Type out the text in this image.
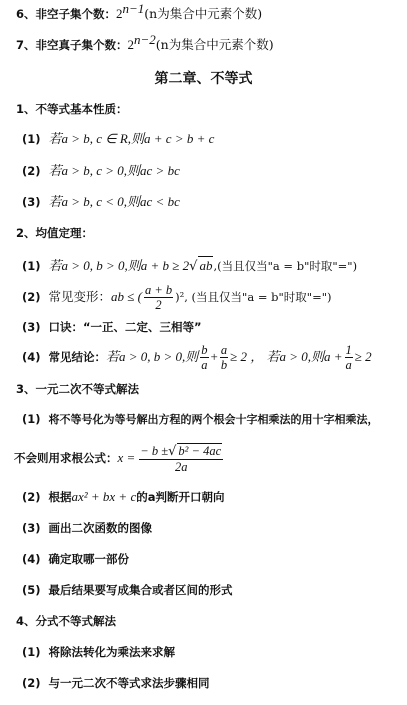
6、非空子集个数：$2^{n-1}(n$为集合中元素个数)
7、非空真子集个数：$2^{n-2}(n$为集合中元素个数)
第二章、不等式
1、不等式基本性质：
(1) 若a > b, c ∈ R,则a + c > b + c
(2) 若a > b, c > 0,则ac > bc
(3) 若a > b, c < 0,则ac < bc
2、均值定理：
(1) 若a > 0, b > 0,则a + b ≥ 2√ ab,(当且仅当"a = b"时取"=")
(2) 常见变形：ab ≤ ( $\frac{a + b}{2} )^2$, (当且仅当"a = b"时取"=")
(3) 口诀：“一正、二定、三相等”
(4) 常见结论：若a > 0, b > 0,则 $\frac{b}{a} + \frac{a}{b} \ge 2$ ， 若a > 0,则$a + \frac{1}{a} \ge 2$
3、一元二次不等式解法
(1) 将不等号化为等号解出方程的两个根会十字相乘法的用十字相乘法，
不会则用求根公式：$x = \frac{\text{− b ±√ b² − 4ac}}{2a}$
(2) 根据ax² + bx + c的a判断开口朝向
(3) 画出二次函数的图像
(4) 确定取哪一部份
(5) 最后结果要写成集合或者区间的形式
4、分式不等式解法
(1) 将除法转化为乘法来求解
(2) 与一元二次不等式求法步骤相同
